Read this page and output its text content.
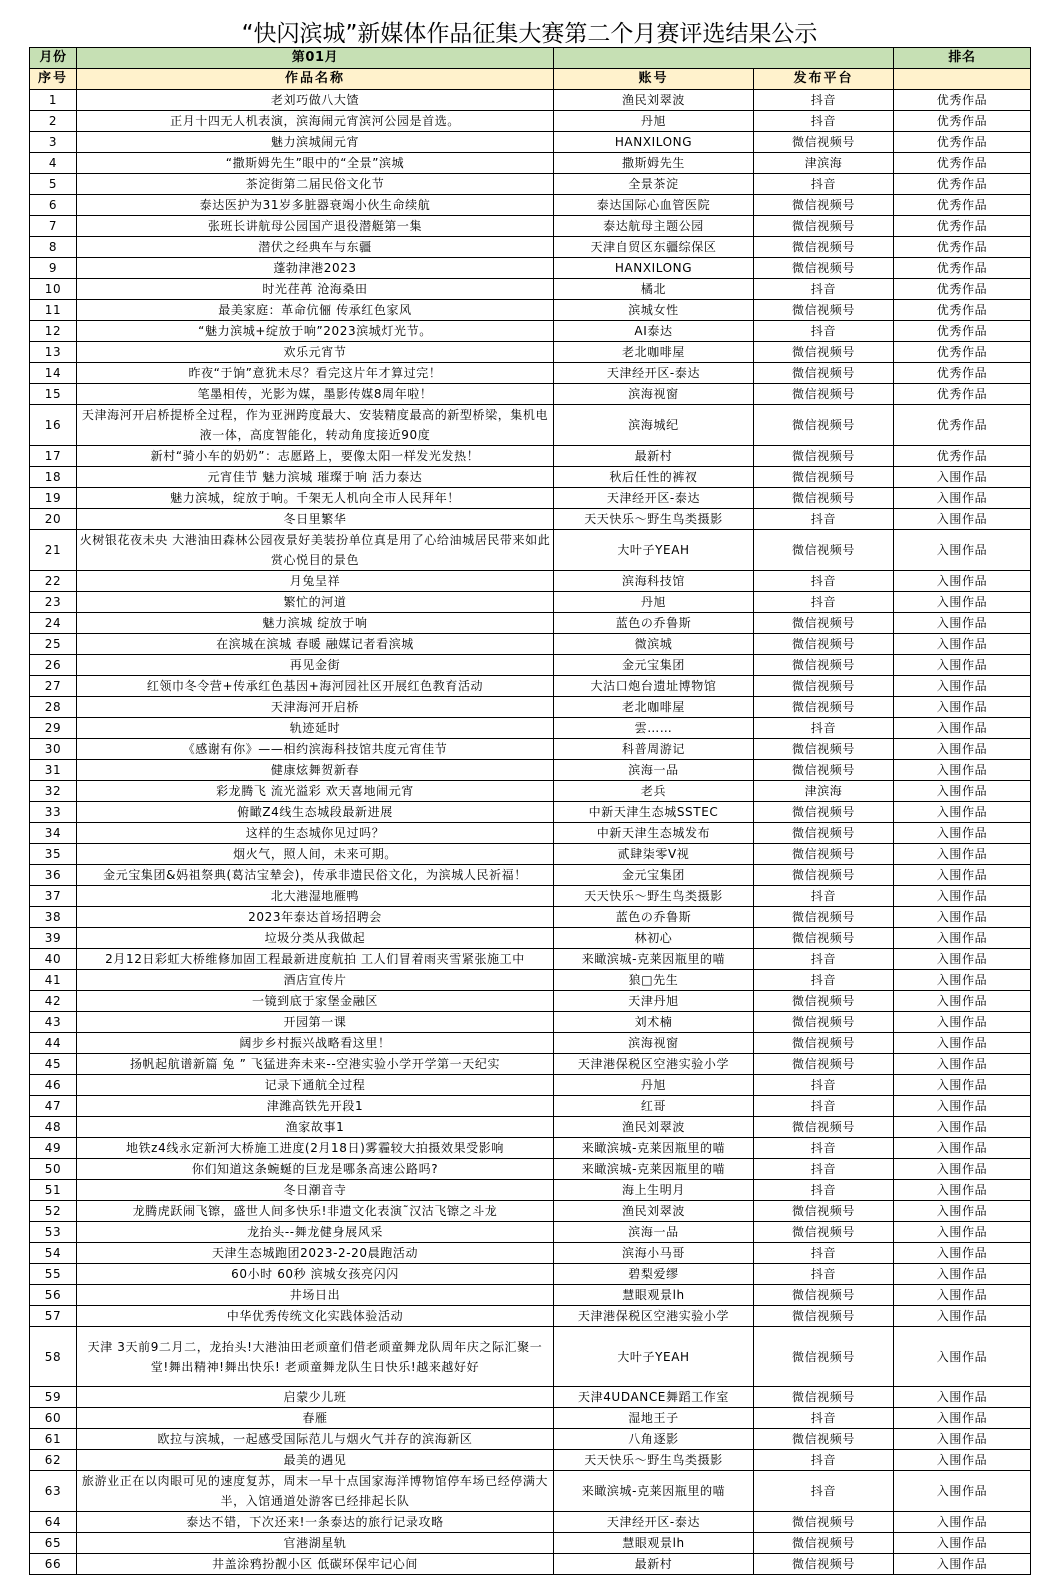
“快闪滨城”新媒体作品征集大赛第二个月赛评选结果公示
月份	第01月			排名
序号	作品名称	账号	发布平台	
1	老刘巧做八大馇	渔民刘翠波	抖音	优秀作品
2	正月十四无人机表演，滨海闹元宵滨河公园是首选。	丹旭	抖音	优秀作品
3	魅力滨城闹元宵	HANXILONG	微信视频号	优秀作品
4	“撒斯姆先生”眼中的“全景”滨城	撒斯姆先生	津滨海	优秀作品
5	茶淀街第二届民俗文化节	全景茶淀	抖音	优秀作品
6	泰达医护为31岁多脏器衰竭小伙生命续航	泰达国际心血管医院	微信视频号	优秀作品
7	张班长讲航母公园国产退役潜艇第一集	泰达航母主题公园	微信视频号	优秀作品
8	潜伏之经典车与东疆	天津自贸区东疆综保区	微信视频号	优秀作品
9	蓬勃津港2023	HANXILONG	微信视频号	优秀作品
10	时光荏苒 沧海桑田	橘北	抖音	优秀作品
11	最美家庭：革命伉俪 传承红色家风	滨城女性	微信视频号	优秀作品
12	“魅力滨城+绽放于响”2023滨城灯光节。	AI泰达	抖音	优秀作品
13	欢乐元宵节	老北咖啡屋	微信视频号	优秀作品
14	昨夜“于饷”意犹未尽？看完这片年才算过完！	天津经开区-泰达	微信视频号	优秀作品
15	笔墨相传，光影为媒，墨影传媒8周年啦！	滨海视窗	微信视频号	优秀作品
16	天津海河开启桥提桥全过程，作为亚洲跨度最大、安装精度最高的新型桥梁，集机电液一体，高度智能化，转动角度接近90度	滨海城纪	微信视频号	优秀作品
17	新村“骑小车的奶奶”：志愿路上，要像太阳一样发光发热！	最新村	微信视频号	优秀作品
18	元宵佳节 魅力滨城 璀璨于响 活力泰达	秋后任性的裤衩	微信视频号	入围作品
19	魅力滨城，绽放于响。千架无人机向全市人民拜年！	天津经开区-泰达	微信视频号	入围作品
20	冬日里繁华	天天快乐～野生鸟类摄影	抖音	入围作品
21	火树银花夜未央 大港油田森林公园夜景好美装扮单位真是用了心给油城居民带来如此赏心悦目的景色	大叶子YEAH	微信视频号	入围作品
22	月兔呈祥	滨海科技馆	抖音	入围作品
23	繁忙的河道	丹旭	抖音	入围作品
24	魅力滨城 绽放于响	蓝色の乔鲁斯	微信视频号	入围作品
25	在滨城在滨城 春暖 融媒记者看滨城	微滨城	微信视频号	入围作品
26	再见金街	金元宝集团	微信视频号	入围作品
27	红领巾冬令营+传承红色基因+海河园社区开展红色教育活动	大沽口炮台遗址博物馆	微信视频号	入围作品
28	天津海河开启桥	老北咖啡屋	微信视频号	入围作品
29	轨迹延时	雲……	抖音	入围作品
30	《感谢有你》——相约滨海科技馆共度元宵佳节	科普周游记	微信视频号	入围作品
31	健康炫舞贺新春	滨海一品	微信视频号	入围作品
32	彩龙腾飞 流光溢彩 欢天喜地闹元宵	老兵	津滨海	入围作品
33	俯瞰Z4线生态城段最新进展	中新天津生态城SSTEC	微信视频号	入围作品
34	这样的生态城你见过吗？	中新天津生态城发布	微信视频号	入围作品
35	烟火气，照人间，未来可期。	贰肆柒零V视	微信视频号	入围作品
36	金元宝集团&妈祖祭典(葛沽宝辇会)，传承非遗民俗文化，为滨城人民祈福！	金元宝集团	微信视频号	入围作品
37	北大港湿地雁鸭	天天快乐～野生鸟类摄影	抖音	入围作品
38	2023年泰达首场招聘会	蓝色の乔鲁斯	微信视频号	入围作品
39	垃圾分类从我做起	林初心	微信视频号	入围作品
40	2月12日彩虹大桥维修加固工程最新进度航拍 工人们冒着雨夹雪紧张施工中	来瞰滨城-克莱因瓶里的喵	抖音	入围作品
41	酒店宣传片	狼□先生	抖音	入围作品
42	一镜到底于家堡金融区	天津丹旭	微信视频号	入围作品
43	开园第一课	刘术楠	微信视频号	入围作品
44	阔步乡村振兴战略看这里！	滨海视窗	微信视频号	入围作品
45	扬帆起航谱新篇 兔 ” 飞猛进奔未来--空港实验小学开学第一天纪实	天津港保税区空港实验小学	微信视频号	入围作品
46	记录下通航全过程	丹旭	抖音	入围作品
47	津潍高铁先开段1	红哥	抖音	入围作品
48	渔家故事1	渔民刘翠波	微信视频号	入围作品
49	地铁z4线永定新河大桥施工进度(2月18日)雾霾较大拍摄效果受影响	来瞰滨城-克莱因瓶里的喵	抖音	入围作品
50	你们知道这条蜿蜒的巨龙是哪条高速公路吗?	来瞰滨城-克莱因瓶里的喵	抖音	入围作品
51	冬日潮音寺	海上生明月	抖音	入围作品
52	龙腾虎跃闹飞镲，盛世人间多快乐!非遗文化表演˜汉沽飞镲之斗龙	渔民刘翠波	微信视频号	入围作品
53	龙抬头--舞龙健身展风采	滨海一品	微信视频号	入围作品
54	天津生态城跑团2023-2-20晨跑活动	滨海小马哥	抖音	入围作品
55	60小时 60秒 滨城女孩亮闪闪	碧梨爱缪	抖音	入围作品
56	井场日出	慧眼观景lh	微信视频号	入围作品
57	中华优秀传统文化实践体验活动	天津港保税区空港实验小学	微信视频号	入围作品
58	天津 3天前9二月二，龙抬头!大港油田老顽童们借老顽童舞龙队周年庆之际汇聚一堂!舞出精神!舞出快乐! 老顽童舞龙队生日快乐!越来越好好	大叶子YEAH	微信视频号	入围作品
59	启蒙少儿班	天津4UDANCE舞蹈工作室	微信视频号	入围作品
60	春雁	湿地王子	抖音	入围作品
61	欧拉与滨城，一起感受国际范儿与烟火气并存的滨海新区	八角逐影	微信视频号	入围作品
62	最美的遇见	天天快乐～野生鸟类摄影	抖音	入围作品
63	旅游业正在以肉眼可见的速度复苏，周末一早十点国家海洋博物馆停车场已经停满大半，入馆通道处游客已经排起长队	来瞰滨城-克莱因瓶里的喵	抖音	入围作品
64	泰达不错，下次还来!一条泰达的旅行记录攻略	天津经开区-泰达	微信视频号	入围作品
65	官港湖星轨	慧眼观景lh	微信视频号	入围作品
66	井盖涂鸦扮靓小区 低碳环保牢记心间	最新村	微信视频号	入围作品
